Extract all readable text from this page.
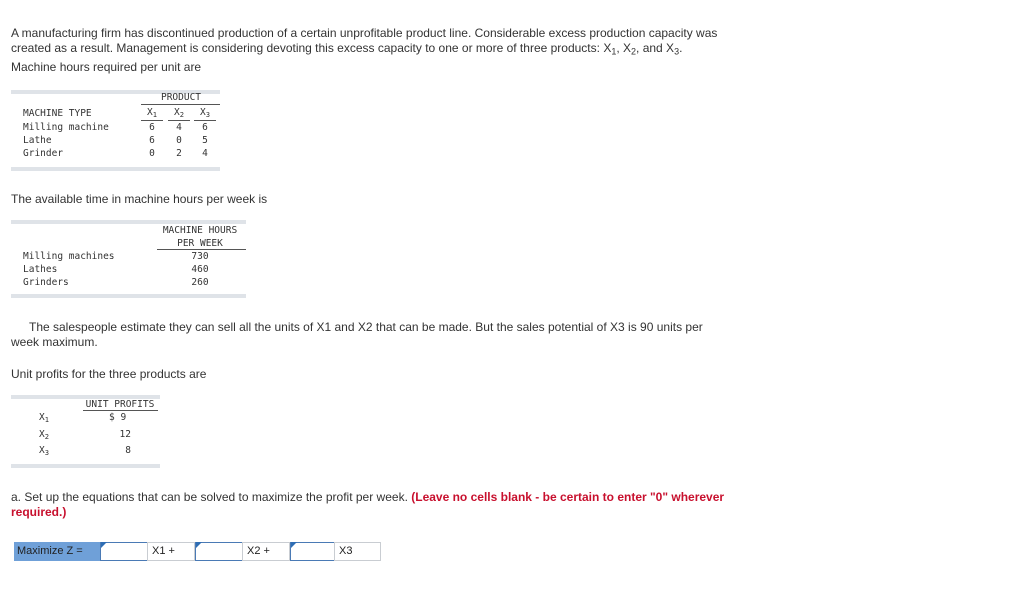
A manufacturing firm has discontinued production of a certain unprofitable product line. Considerable excess production capacity was
created as a result. Management is considering devoting this excess capacity to one or more of three products: $X_1$, $X_2$, and $X_3$.
Machine hours required per unit are
PRODUCT
MACHINE TYPE	$X_1$	$X_2$	$X_3$
Milling machine	6	4	6
Lathe	6	0	5
Grinder	0	2	4
The available time in machine hours per week is
MACHINE HOURS
PER WEEK
Milling machines	730
Lathes	460
Grinders	260
The salespeople estimate they can sell all the units of X1 and X2 that can be made. But the sales potential of X3 is 90 units per
week maximum.
Unit profits for the three products are
UNIT PROFITS
$X_1$	$ 9
$X_2$	12
$X_3$	8
a. Set up the equations that can be solved to maximize the profit per week. (Leave no cells blank - be certain to enter "0" wherever
required.)
Maximize Z =	X1 +	X2 +	X3
